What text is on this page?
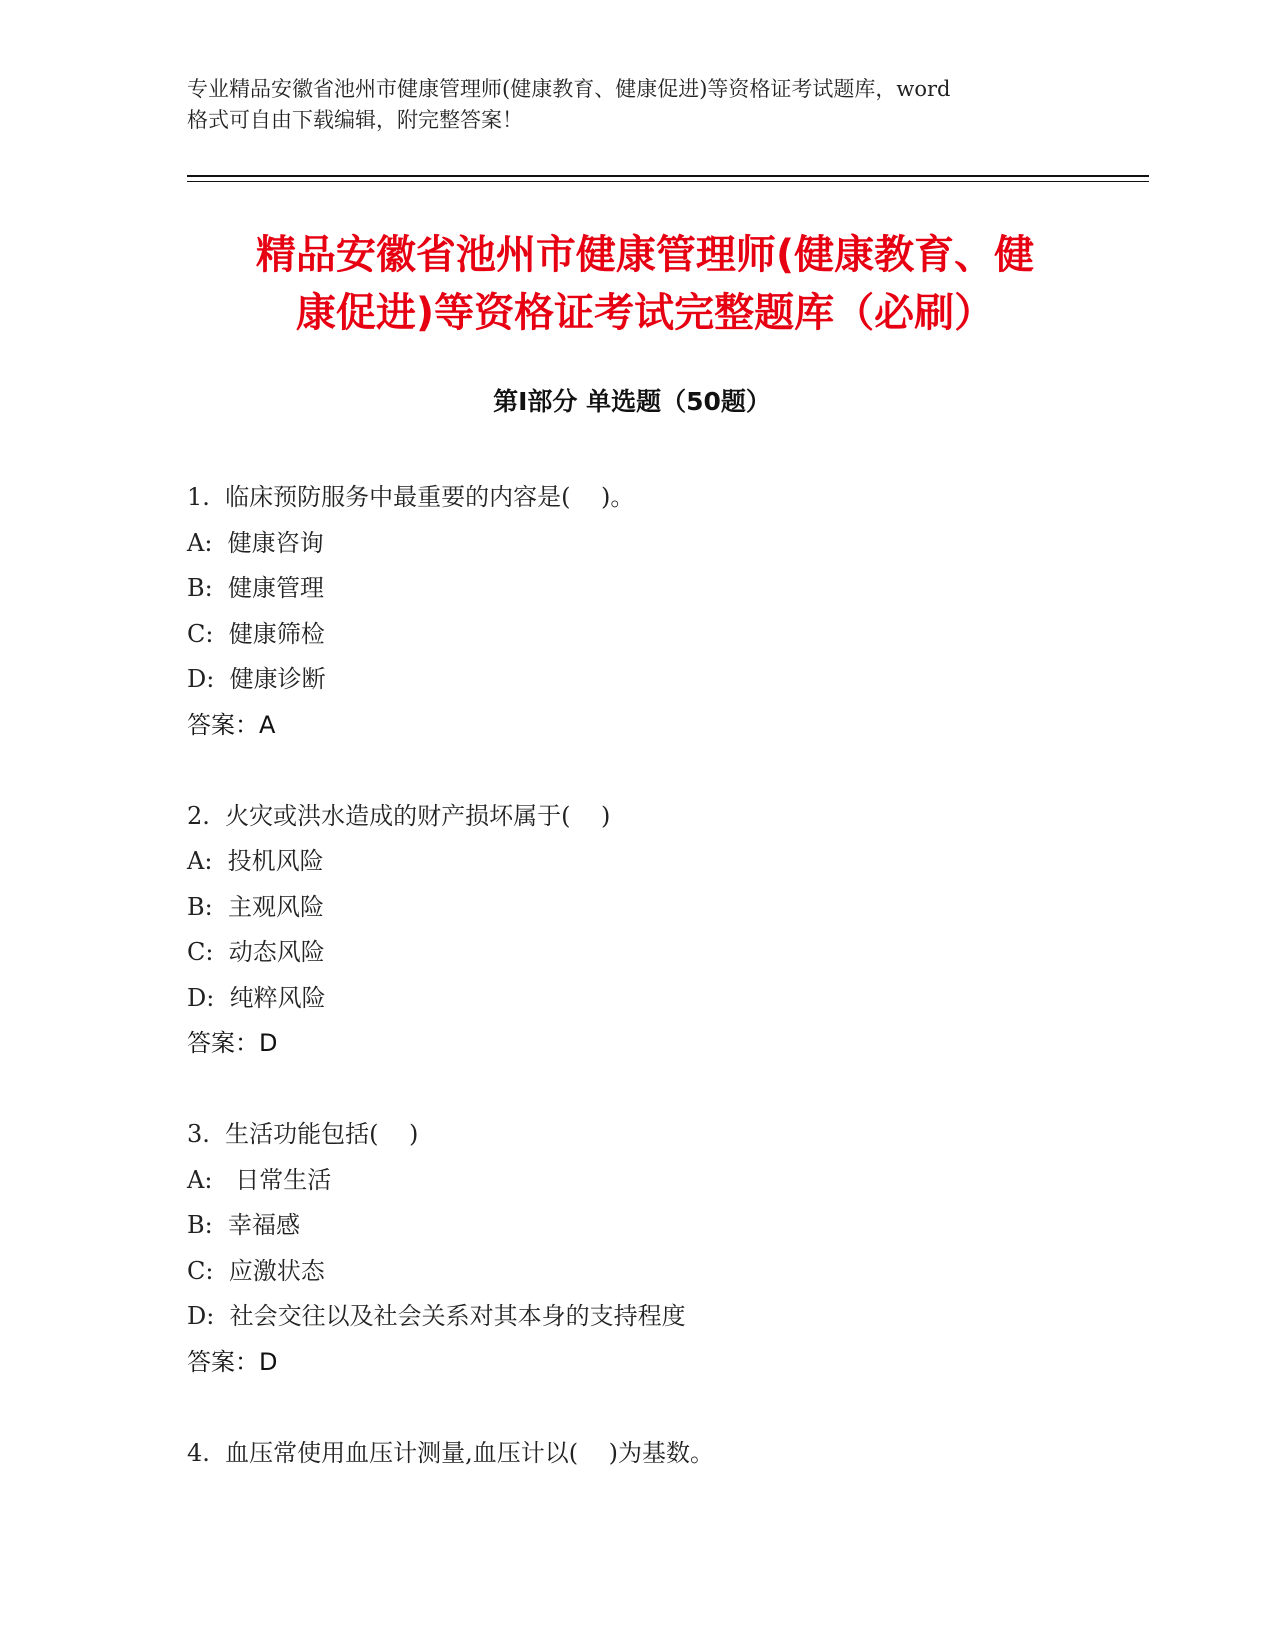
专业精品安徽省池州市健康管理师(健康教育、健康促进)等资格证考试题库，word
格式可自由下载编辑，附完整答案！
精品安徽省池州市健康管理师(健康教育、健
康促进)等资格证考试完整题库（必刷）
第Ⅰ部分 单选题（50题）
1.  临床预防服务中最重要的内容是(    )。
A:  健康咨询
B:  健康管理
C:  健康筛检
D:  健康诊断
答案：A
2.  火灾或洪水造成的财产损坏属于(    )
A:  投机风险
B:  主观风险
C:  动态风险
D:  纯粹风险
答案：D
3.  生活功能包括(    )
A:   日常生活
B:  幸福感
C:  应激状态
D:  社会交往以及社会关系对其本身的支持程度
答案：D
4.  血压常使用血压计测量,血压计以(    )为基数。
